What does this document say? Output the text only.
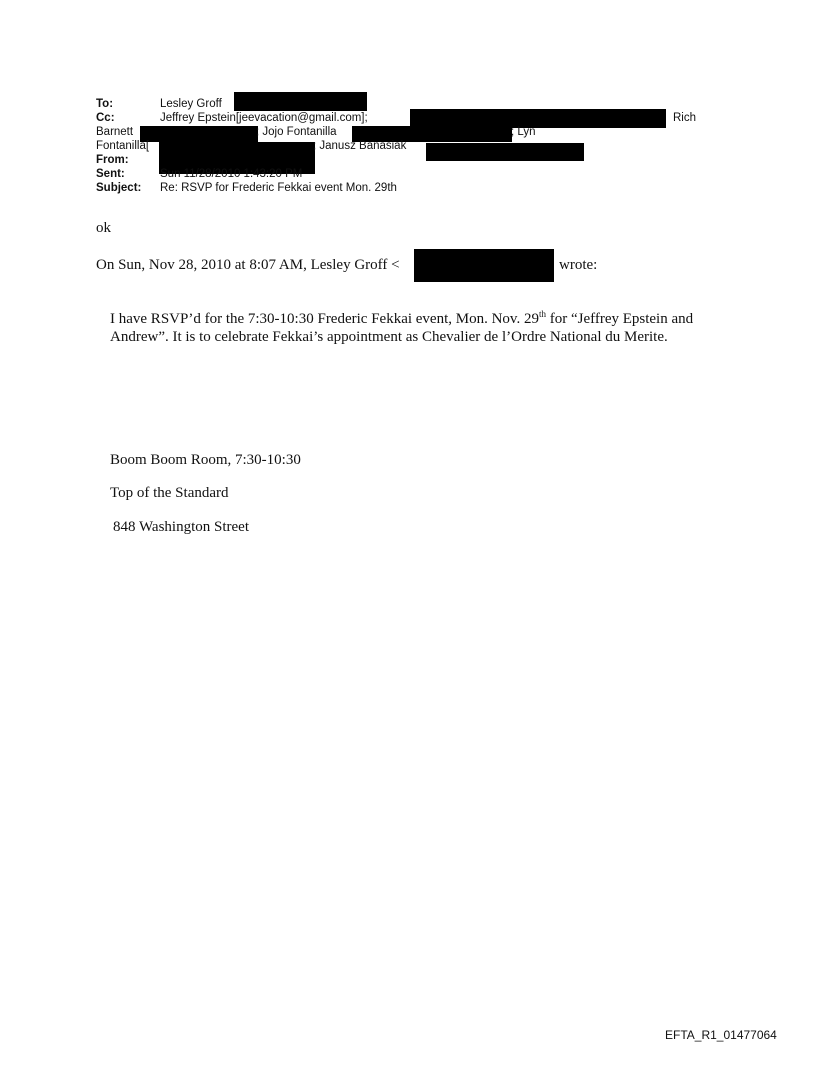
To:	Lesley Groff
Cc:	Jeffrey Epstein[jeevacation@gmail.com];	Rich
Barnett	; Jojo Fontanilla	; Lyn
Fontanilla[	; Janusz Banasiak
From:
Sent:	Sun 11/28/2010 1:43:20 PM
Subject: Re: RSVP for Frederic Fekkai event Mon. 29th
ok
On Sun, Nov 28, 2010 at 8:07 AM, Lesley Groff <	wrote:
I have RSVP’d for the 7:30-10:30 Frederic Fekkai event, Mon. Nov. 29th for “Jeffrey Epstein and Andrew”. It is to celebrate Fekkai’s appointment as Chevalier de l’Ordre National du Merite.
Boom Boom Room, 7:30-10:30
Top of the Standard
848 Washington Street
EFTA_R1_01477064
